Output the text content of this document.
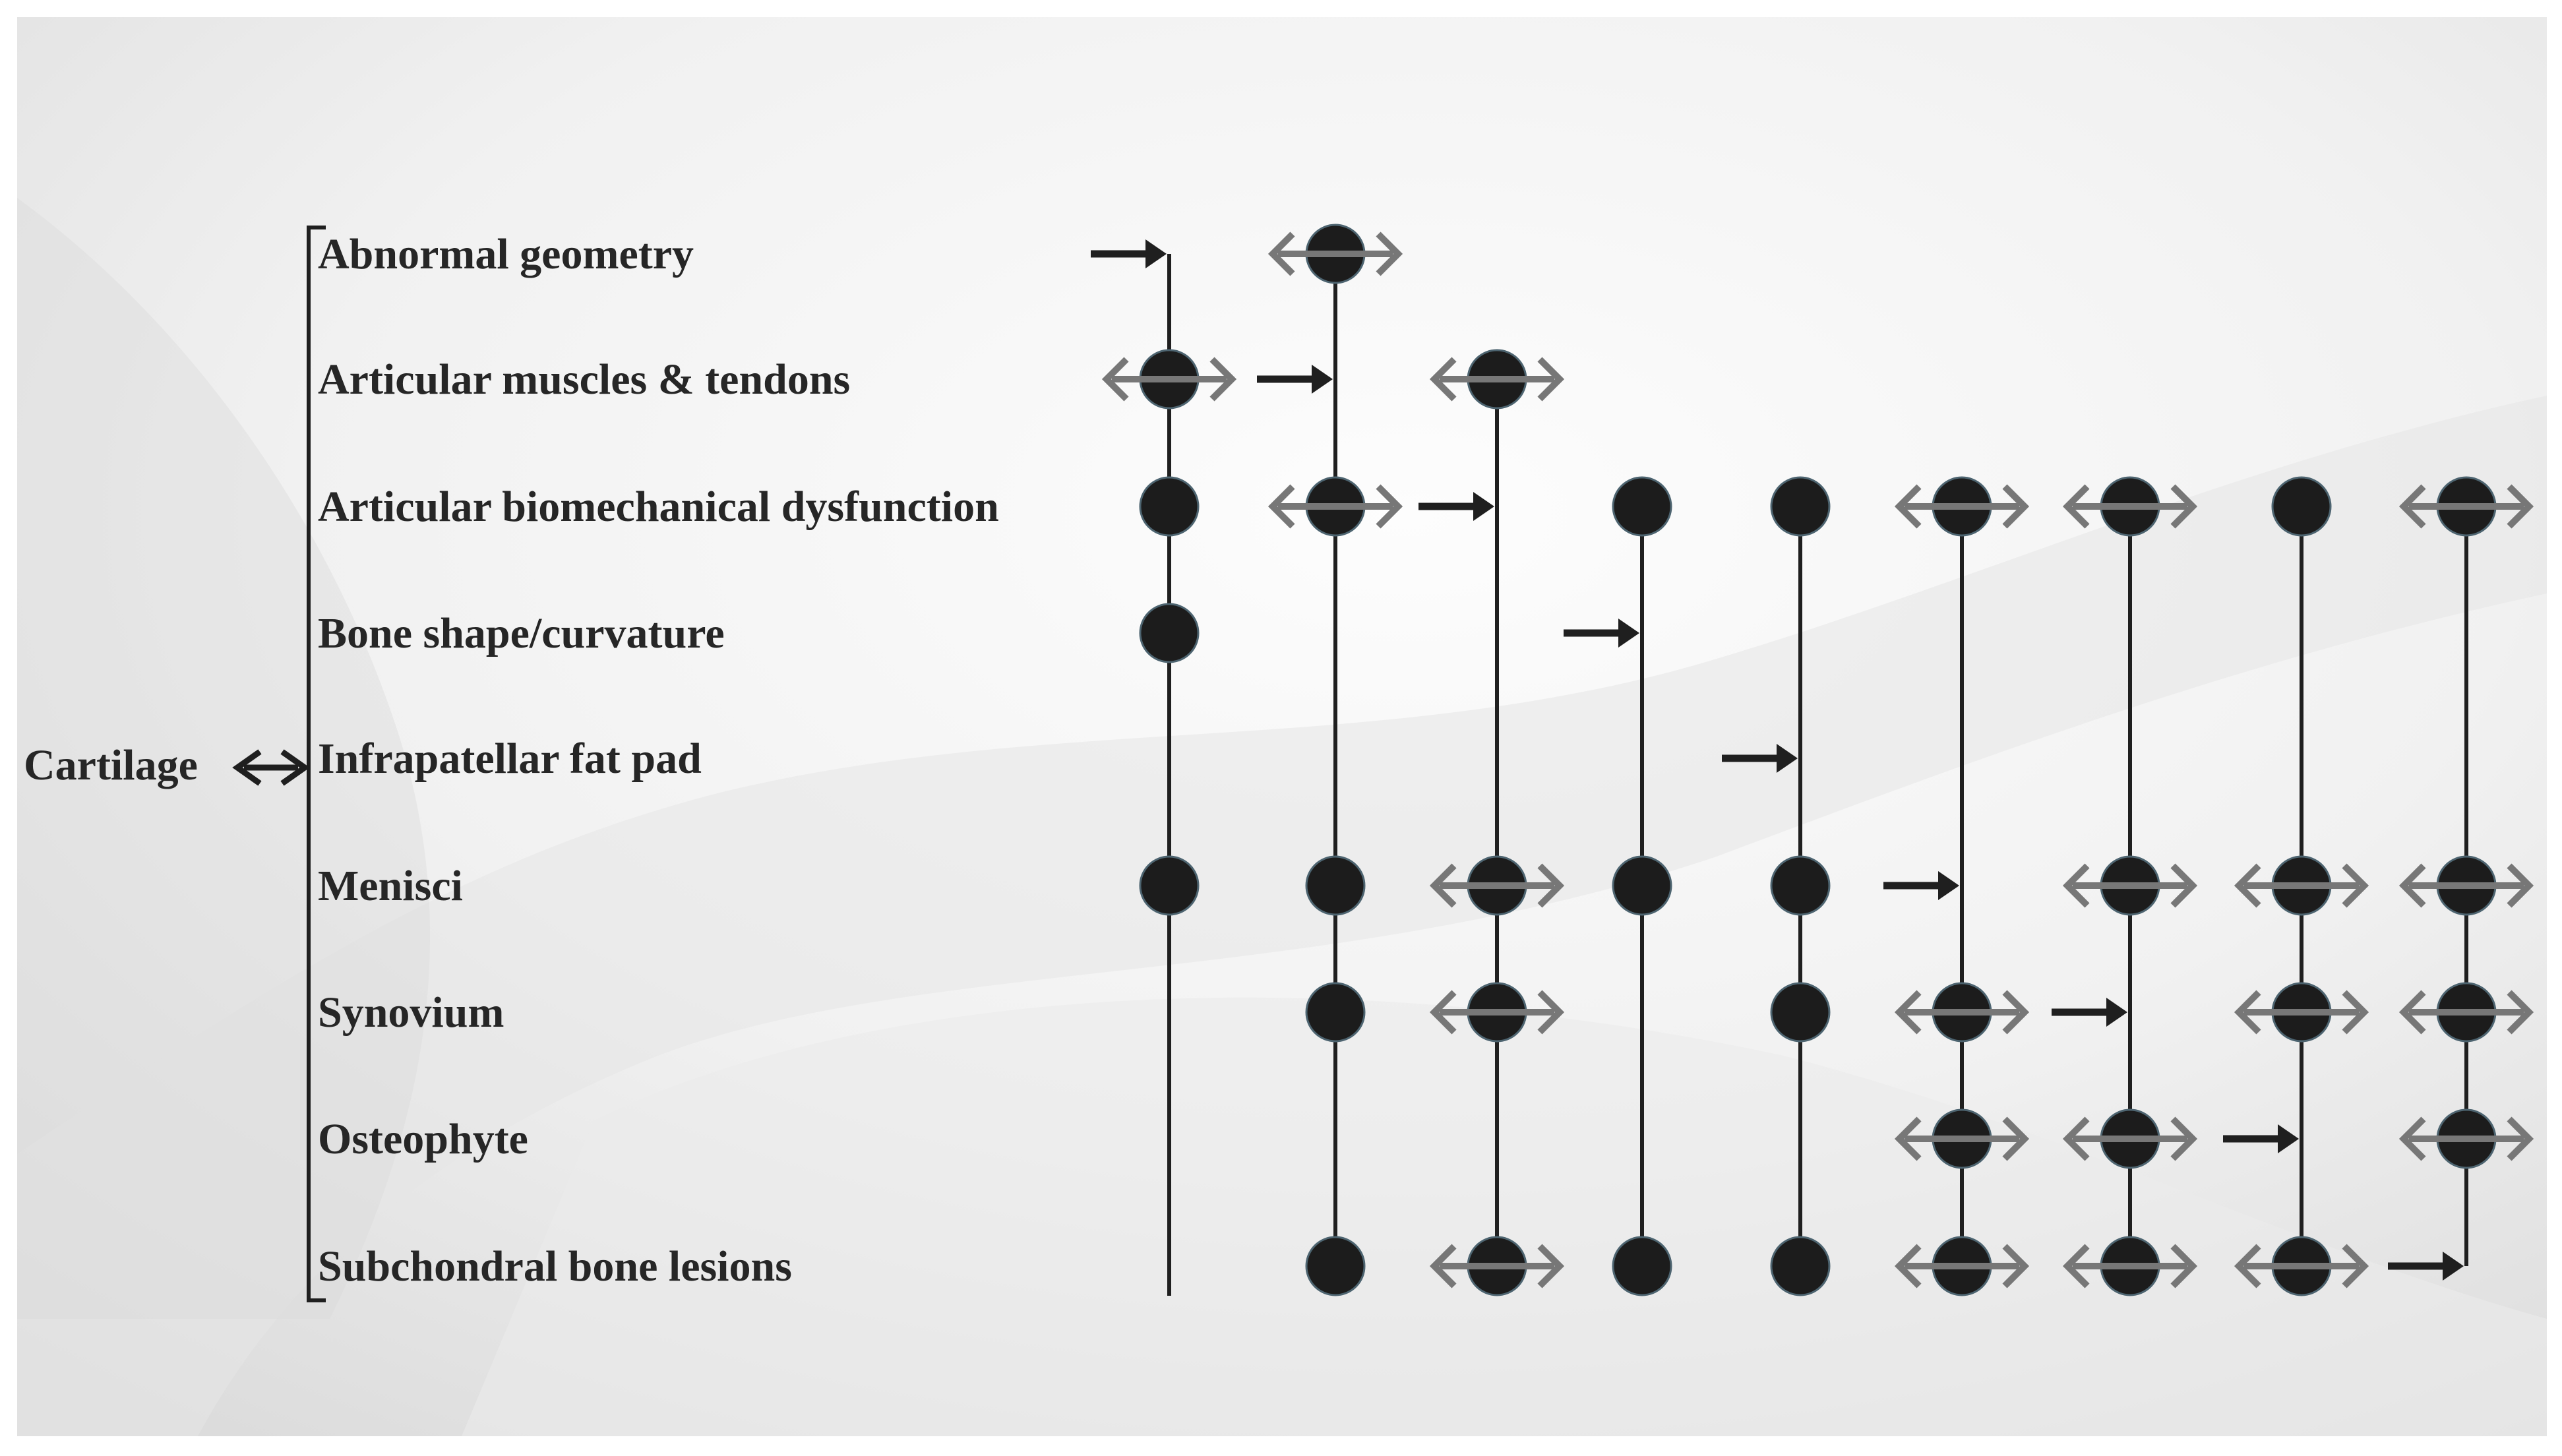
Cartilage
Abnormal geometry
Articular muscles & tendons
Articular biomechanical dysfunction
Bone shape/curvature
Infrapatellar fat pad
Menisci
Synovium
Osteophyte
Subchondral bone lesions
